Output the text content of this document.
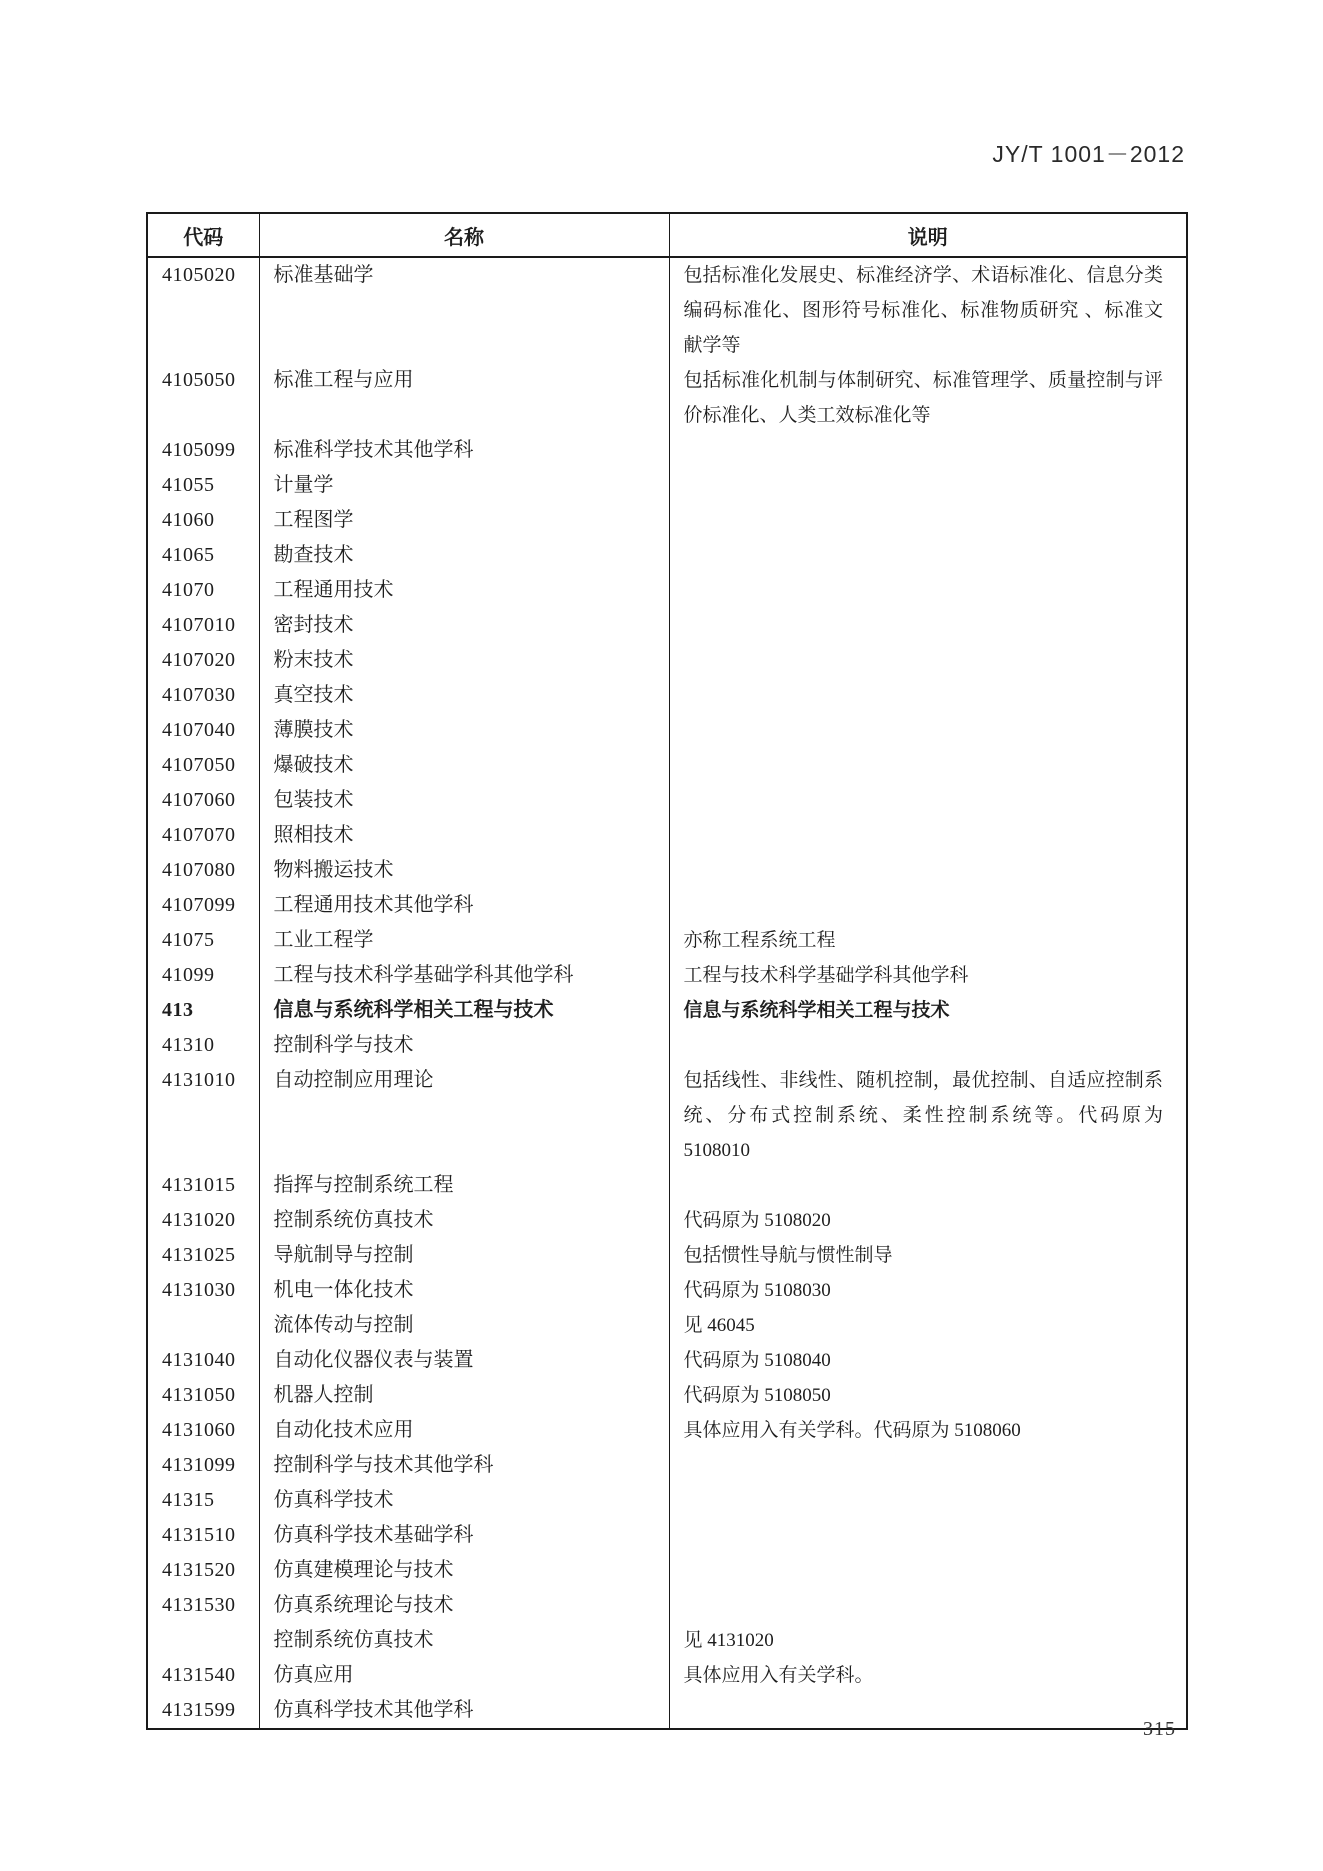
JY/T 1001－2012
代码	名称	说明
4105020	标准基础学	包括标准化发展史、标准经济学、术语标准化、信息分类编码标准化、图形符号标准化、标准物质研究 、标准文献学等
4105050	标准工程与应用	包括标准化机制与体制研究、标准管理学、质量控制与评价标准化、人类工效标准化等
4105099	标准科学技术其他学科	
41055	计量学	
41060	工程图学	
41065	勘查技术	
41070	工程通用技术	
4107010	密封技术	
4107020	粉末技术	
4107030	真空技术	
4107040	薄膜技术	
4107050	爆破技术	
4107060	包装技术	
4107070	照相技术	
4107080	物料搬运技术	
4107099	工程通用技术其他学科	
41075	工业工程学	亦称工程系统工程
41099	工程与技术科学基础学科其他学科	工程与技术科学基础学科其他学科
413	信息与系统科学相关工程与技术	信息与系统科学相关工程与技术
41310	控制科学与技术	
4131010	自动控制应用理论	包括线性、非线性、随机控制，最优控制、自适应控制系统、分布式控制系统、柔性控制系统等。代码原为 5108010
4131015	指挥与控制系统工程	
4131020	控制系统仿真技术	代码原为 5108020
4131025	导航制导与控制	包括惯性导航与惯性制导
4131030	机电一体化技术	代码原为 5108030
	流体传动与控制	见 46045
4131040	自动化仪器仪表与装置	代码原为 5108040
4131050	机器人控制	代码原为 5108050
4131060	自动化技术应用	具体应用入有关学科。代码原为 5108060
4131099	控制科学与技术其他学科	
41315	仿真科学技术	
4131510	仿真科学技术基础学科	
4131520	仿真建模理论与技术	
4131530	仿真系统理论与技术	
	控制系统仿真技术	见 4131020
4131540	仿真应用	具体应用入有关学科。
4131599	仿真科学技术其他学科	
315
